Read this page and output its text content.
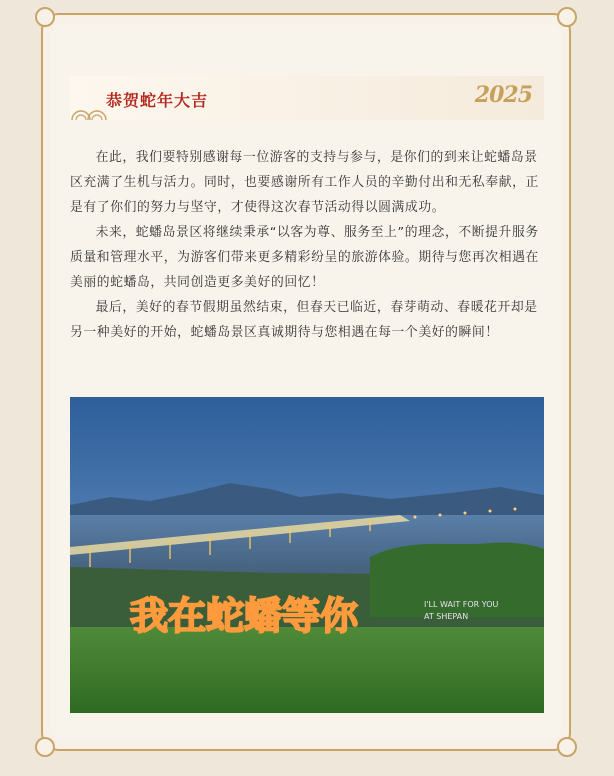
恭贺蛇年大吉	2025

在此，我们要特别感谢每一位游客的支持与参与，是你们的到来让蛇蟠岛景区充满了生机与活力。同时，也要感谢所有工作人员的辛勤付出和无私奉献，正是有了你们的努力与坚守，才使得这次春节活动得以圆满成功。

未来，蛇蟠岛景区将继续秉承“以客为尊、服务至上”的理念，不断提升服务质量和管理水平，为游客们带来更多精彩纷呈的旅游体验。期待与您再次相遇在美丽的蛇蟠岛，共同创造更多美好的回忆！

最后，美好的春节假期虽然结束，但春天已临近，春芽萌动、春暖花开却是另一种美好的开始，蛇蟠岛景区真诚期待与您相遇在每一个美好的瞬间！

我在蛇蟠等你	I'LL WAIT FOR YOU
AT SHEPAN
